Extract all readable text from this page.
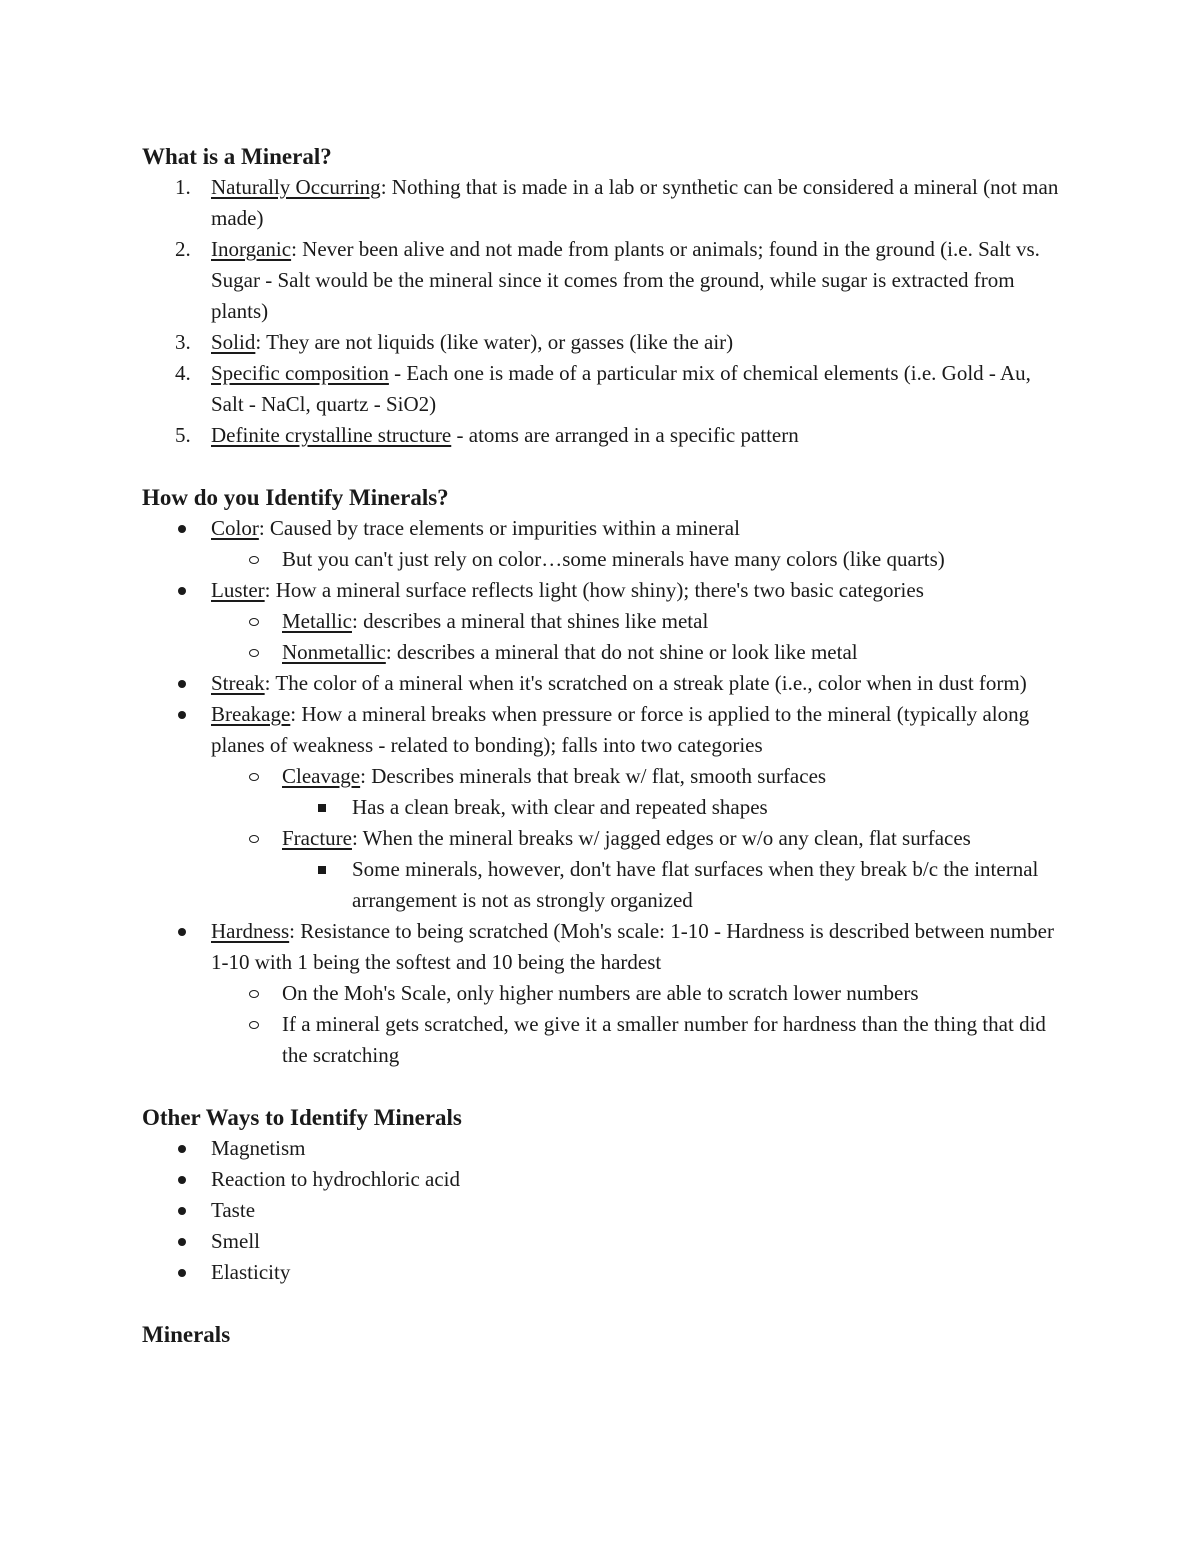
What is a Mineral?
1. Naturally Occurring: Nothing that is made in a lab or synthetic can be considered a mineral (not man made)
2. Inorganic: Never been alive and not made from plants or animals; found in the ground (i.e. Salt vs. Sugar - Salt would be the mineral since it comes from the ground, while sugar is extracted from plants)
3. Solid: They are not liquids (like water), or gasses (like the air)
4. Specific composition - Each one is made of a particular mix of chemical elements (i.e. Gold - Au, Salt - NaCl, quartz - SiO2)
5. Definite crystalline structure - atoms are arranged in a specific pattern
How do you Identify Minerals?
Color: Caused by trace elements or impurities within a mineral
But you can't just rely on color…some minerals have many colors (like quarts)
Luster: How a mineral surface reflects light (how shiny); there's two basic categories
Metallic: describes a mineral that shines like metal
Nonmetallic: describes a mineral that do not shine or look like metal
Streak: The color of a mineral when it's scratched on a streak plate (i.e., color when in dust form)
Breakage: How a mineral breaks when pressure or force is applied to the mineral (typically along planes of weakness - related to bonding); falls into two categories
Cleavage: Describes minerals that break w/ flat, smooth surfaces
Has a clean break, with clear and repeated shapes
Fracture: When the mineral breaks w/ jagged edges or w/o any clean, flat surfaces
Some minerals, however, don't have flat surfaces when they break b/c the internal arrangement is not as strongly organized
Hardness: Resistance to being scratched (Moh's scale: 1-10 - Hardness is described between number 1-10 with 1 being the softest and 10 being the hardest
On the Moh's Scale, only higher numbers are able to scratch lower numbers
If a mineral gets scratched, we give it a smaller number for hardness than the thing that did the scratching
Other Ways to Identify Minerals
Magnetism
Reaction to hydrochloric acid
Taste
Smell
Elasticity
Minerals
